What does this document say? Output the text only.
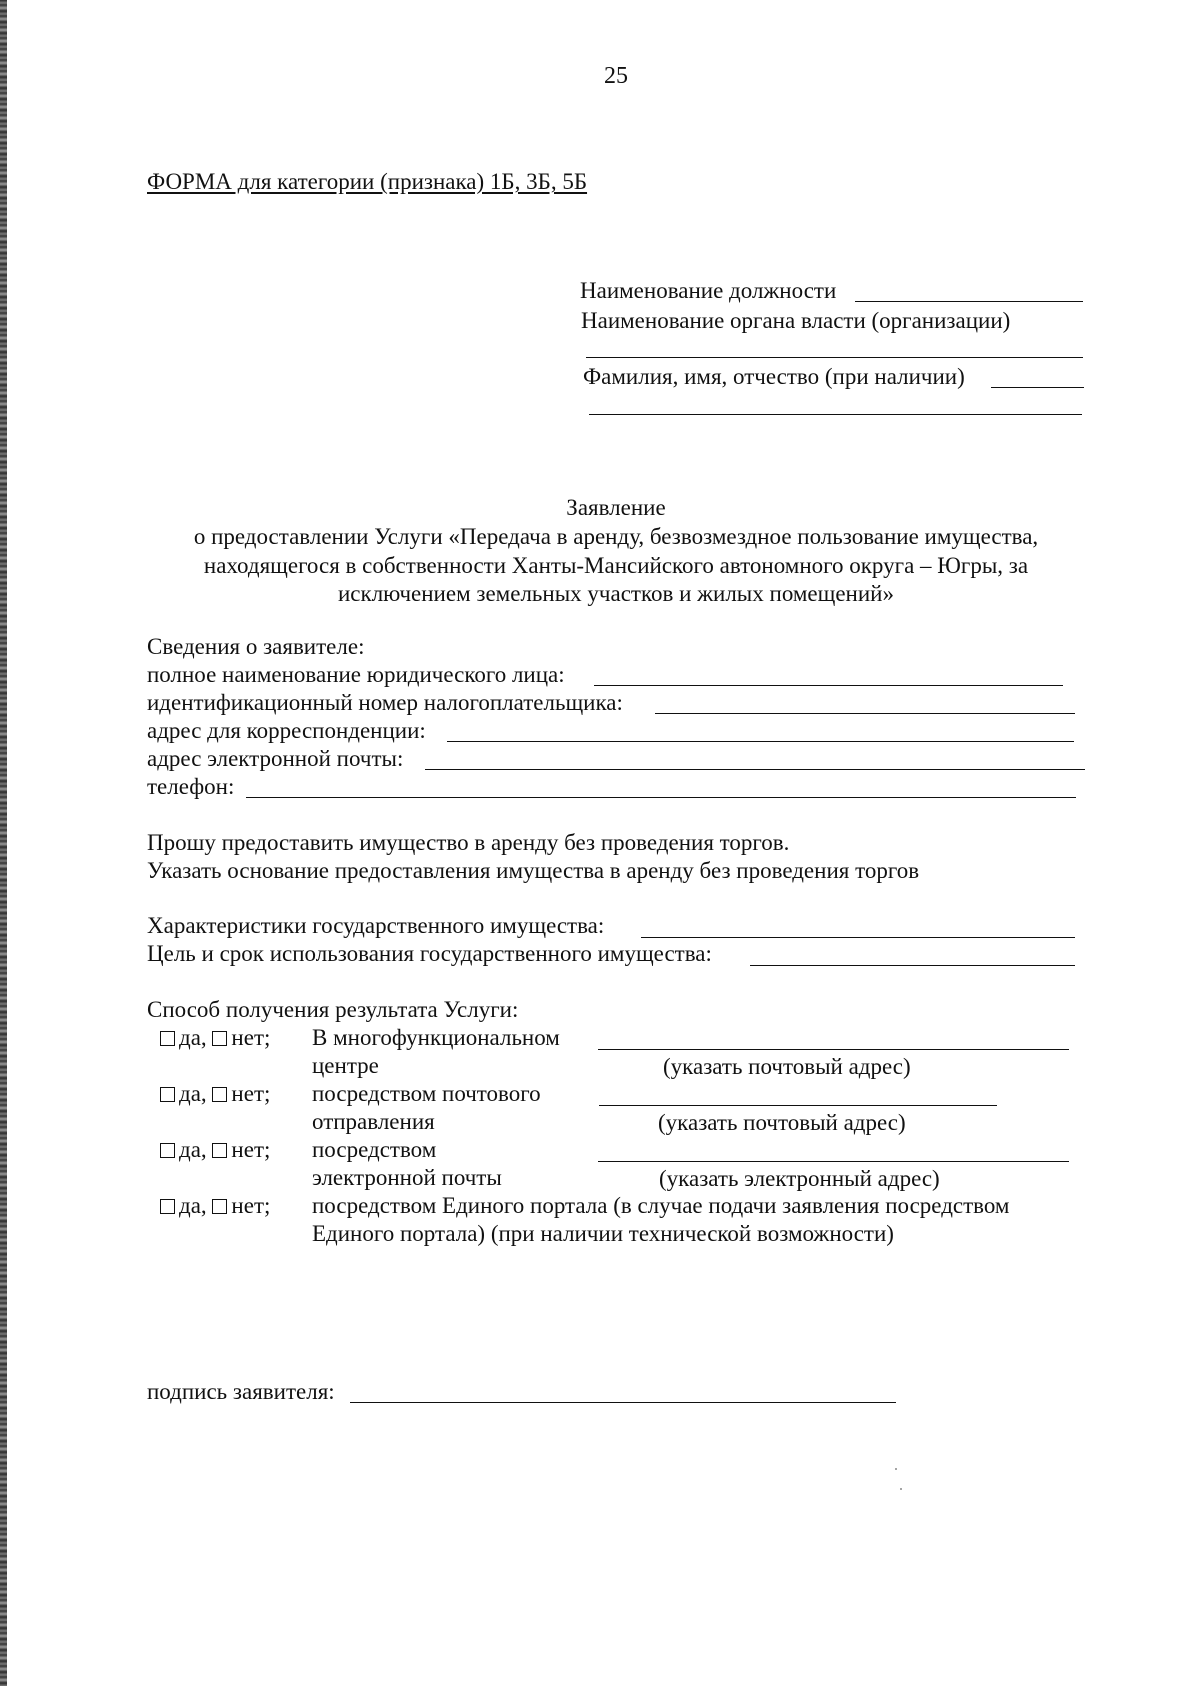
25
ФОРМА для категории (признака) 1Б, 3Б, 5Б
Наименование должности
Наименование органа власти (организации)
Фамилия, имя, отчество (при наличии)
Заявление
о предоставлении Услуги «Передача в аренду, безвозмездное пользование имущества,
находящегося в собственности Ханты-Мансийского автономного округа – Югры, за
исключением земельных участков и жилых помещений»
Сведения о заявителе:
полное наименование юридического лица:
идентификационный номер налогоплательщика:
адрес для корреспонденции:
адрес электронной почты:
телефон:
Прошу предоставить имущество в аренду без проведения торгов.
Указать основание предоставления имущества в аренду без проведения торгов
Характеристики государственного имущества:
Цель и срок использования государственного имущества:
Способ получения результата Услуги:
да, нет; В многофункциональном
центре	(указать почтовый адрес)
да, нет; посредством почтового
отправления	(указать почтовый адрес)
да, нет; посредством
электронной почты	(указать электронный адрес)
да, нет; посредством Единого портала (в случае подачи заявления посредством
Единого портала) (при наличии технической возможности)
подпись заявителя:
